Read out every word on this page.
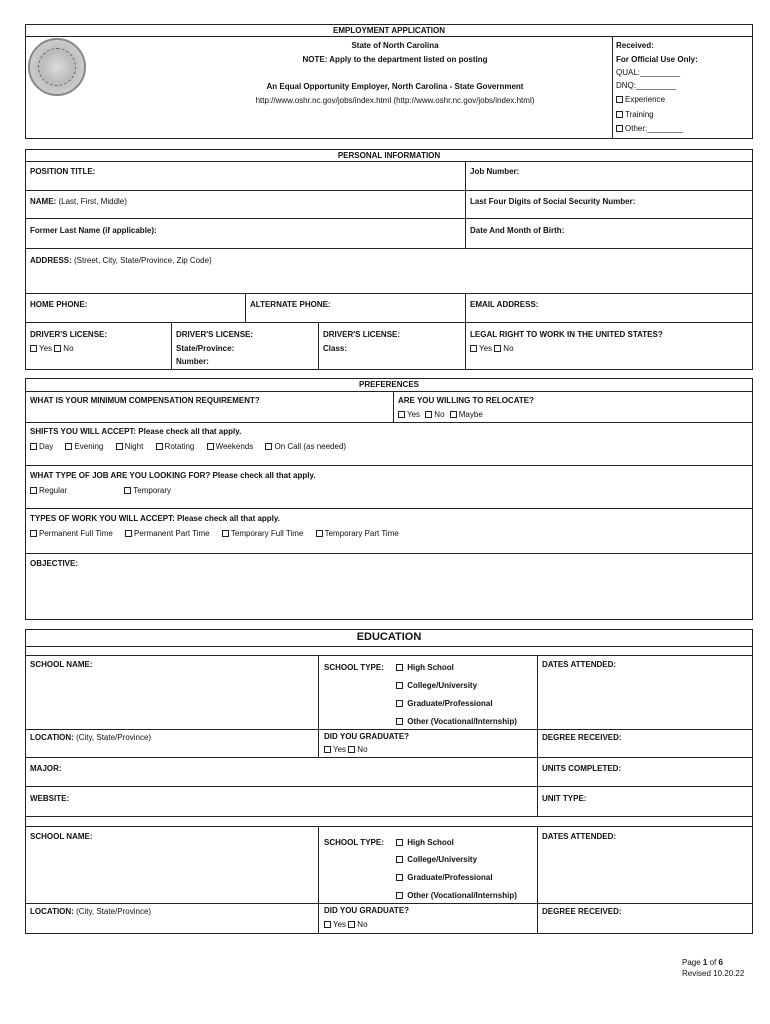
EMPLOYMENT APPLICATION
State of North Carolina
NOTE: Apply to the department listed on posting
An Equal Opportunity Employer, North Carolina - State Government
http://www.oshr.nc.gov/jobs/index.html (http://www.oshr.nc.gov/jobs/index.html)
Received:
For Official Use Only:
QUAL:_________
DNQ:_________
Experience
Training
Other:________
PERSONAL INFORMATION
POSITION TITLE:	Job Number:
NAME: (Last, First, Middle)	Last Four Digits of Social Security Number:
Former Last Name (if applicable):	Date And Month of Birth:
ADDRESS: (Street, City, State/Province, Zip Code)
HOME PHONE:	ALTERNATE PHONE:	EMAIL ADDRESS:
DRIVER'S LICENSE:
Yes No
DRIVER'S LICENSE:
State/Province:
Number:
DRIVER'S LICENSE:
Class:
LEGAL RIGHT TO WORK IN THE UNITED STATES?
Yes No
PREFERENCES
WHAT IS YOUR MINIMUM COMPENSATION REQUIREMENT?	ARE YOU WILLING TO RELOCATE?
Yes No Maybe
SHIFTS YOU WILL ACCEPT: Please check all that apply.
Day	Evening	Night	Rotating	Weekends	On Call (as needed)
WHAT TYPE OF JOB ARE YOU LOOKING FOR? Please check all that apply.
Regular	Temporary
TYPES OF WORK YOU WILL ACCEPT: Please check all that apply.
Permanent Full Time	Permanent Part Time	Temporary Full Time	Temporary Part Time
OBJECTIVE:
EDUCATION
SCHOOL NAME:	SCHOOL TYPE:	High School
College/University
Graduate/Professional
Other (Vocational/Internship)
DATES ATTENDED:
LOCATION: (City, State/Province)	DID YOU GRADUATE?
Yes No
DEGREE RECEIVED:
MAJOR:	UNITS COMPLETED:
WEBSITE:	UNIT TYPE:
SCHOOL NAME:
SCHOOL TYPE:	High School
College/University
Graduate/Professional
Other (Vocational/Internship)
DATES ATTENDED:
LOCATION: (City, State/Province)	DID YOU GRADUATE?
Yes No
DEGREE RECEIVED:
Page 1 of 6
Revised 10.20.22
